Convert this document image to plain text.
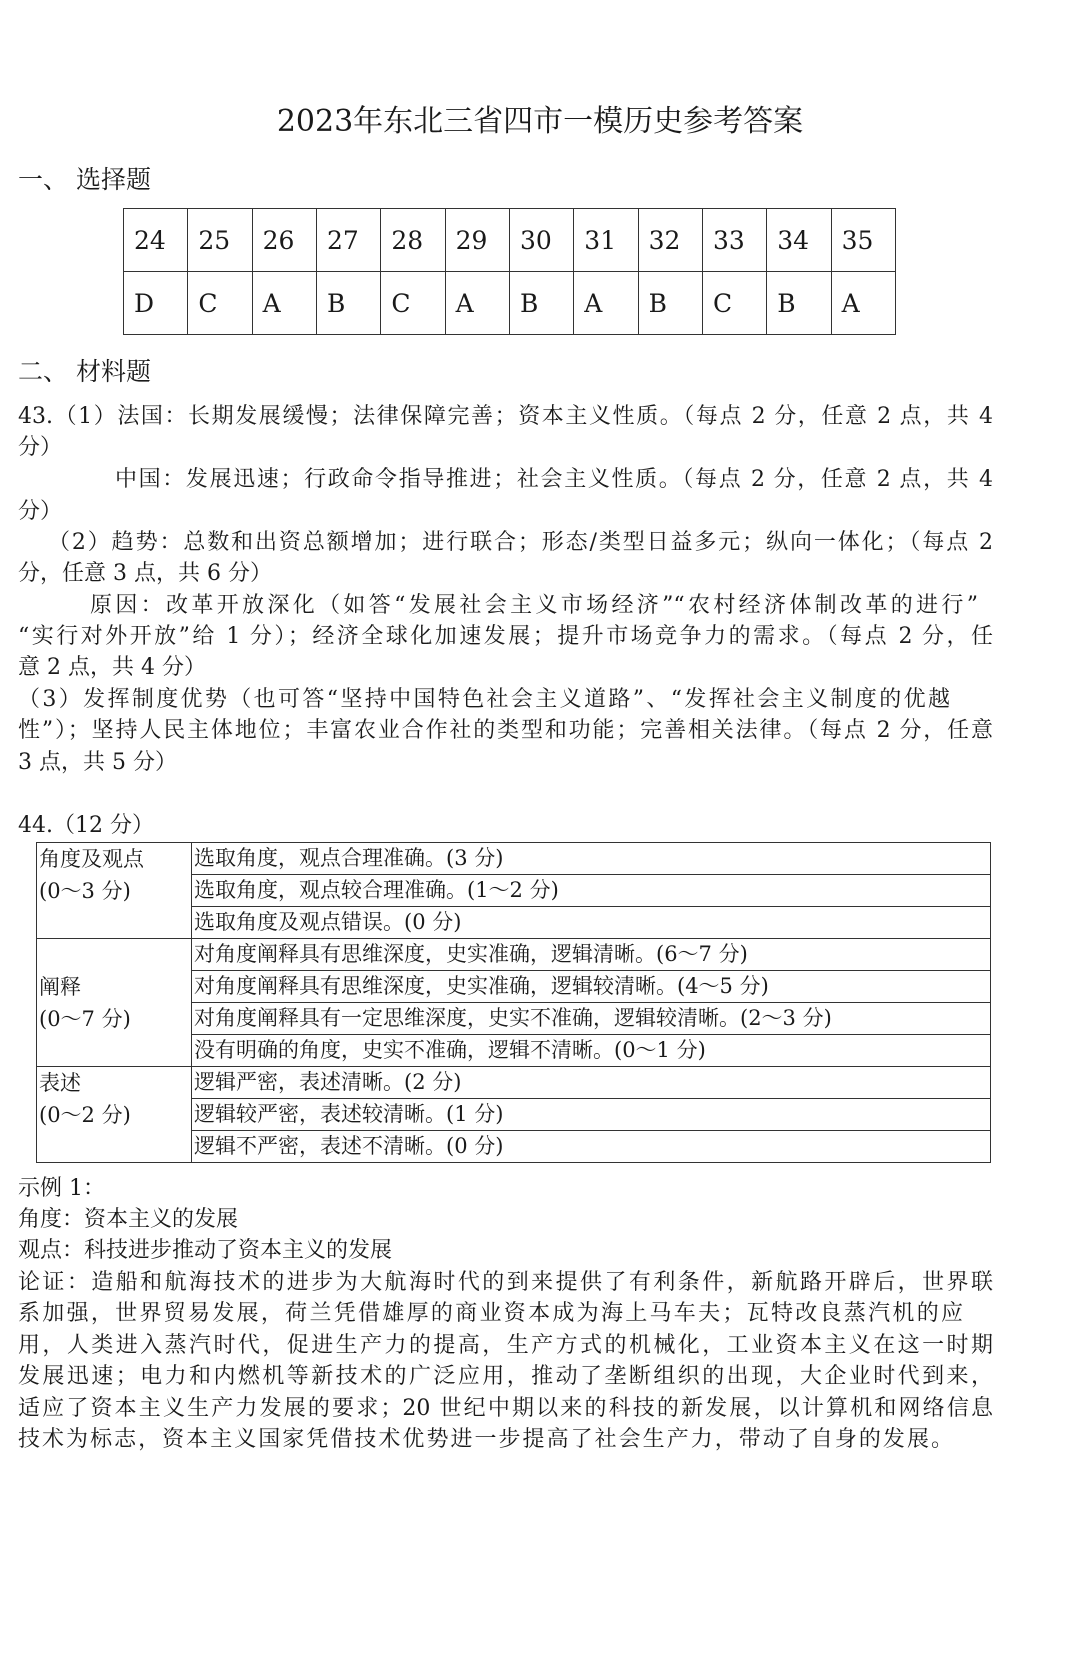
2023年东北三省四市一模历史参考答案
一、 选择题
24	25	26	27	28	29	30	31	32	33	34	35
D	C	A	B	C	A	B	A	B	C	B	A
二、 材料题
43.（1）法国：长期发展缓慢；法律保障完善；资本主义性质。（每点 2 分，任意 2 点，共 4
分）
中国：发展迅速；行政命令指导推进；社会主义性质。（每点 2 分，任意 2 点，共 4
分）
（2）趋势：总数和出资总额增加；进行联合；形态/类型日益多元；纵向一体化；（每点 2
分，任意 3 点，共 6 分）
原因：改革开放深化（如答“发展社会主义市场经济”“农村经济体制改革的进行”
“实行对外开放”给 1 分）；经济全球化加速发展；提升市场竞争力的需求。（每点 2 分，任
意 2 点，共 4 分）
（3）发挥制度优势（也可答“坚持中国特色社会主义道路”、“发挥社会主义制度的优越
性”）；坚持人民主体地位；丰富农业合作社的类型和功能；完善相关法律。（每点 2 分，任意
3 点，共 5 分）
44.（12 分）
角度及观点
(0～3 分)	选取角度，观点合理准确。(3 分)
	选取角度，观点较合理准确。(1～2 分)
	选取角度及观点错误。(0 分)
阐释
(0～7 分)	对角度阐释具有思维深度，史实准确，逻辑清晰。(6～7 分)
	对角度阐释具有思维深度，史实准确，逻辑较清晰。(4～5 分)
	对角度阐释具有一定思维深度，史实不准确，逻辑较清晰。(2～3 分)
	没有明确的角度，史实不准确，逻辑不清晰。(0～1 分)
表述
(0～2 分)	逻辑严密，表述清晰。(2 分)
	逻辑较严密，表述较清晰。(1 分)
	逻辑不严密，表述不清晰。(0 分)
示例 1：
角度：资本主义的发展
观点：科技进步推动了资本主义的发展
论证：造船和航海技术的进步为大航海时代的到来提供了有利条件，新航路开辟后，世界联
系加强，世界贸易发展，荷兰凭借雄厚的商业资本成为海上马车夫；瓦特改良蒸汽机的应
用，人类进入蒸汽时代，促进生产力的提高，生产方式的机械化，工业资本主义在这一时期
发展迅速；电力和内燃机等新技术的广泛应用，推动了垄断组织的出现，大企业时代到来，
适应了资本主义生产力发展的要求；20 世纪中期以来的科技的新发展，以计算机和网络信息
技术为标志，资本主义国家凭借技术优势进一步提高了社会生产力，带动了自身的发展。
